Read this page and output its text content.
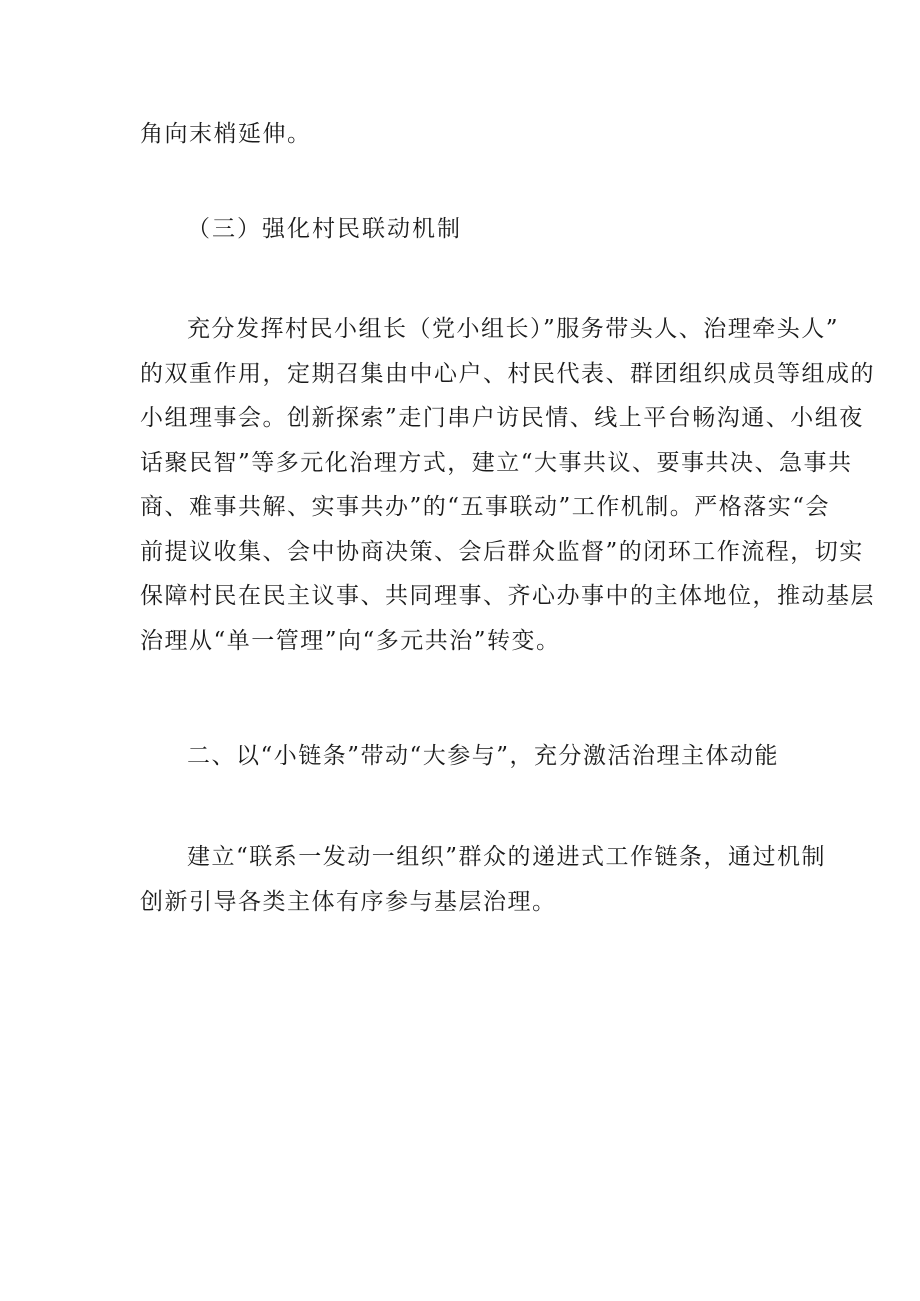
角向末梢延伸。

（三）强化村民联动机制

充分发挥村民小组长（党小组长）”服务带头人、治理牵头人”
的双重作用，定期召集由中心户、村民代表、群团组织成员等组成的
小组理事会。创新探索”走门串户访民情、线上平台畅沟通、小组夜
话聚民智”等多元化治理方式，建立“大事共议、要事共决、急事共
商、难事共解、实事共办”的“五事联动”工作机制。严格落实“会
前提议收集、会中协商决策、会后群众监督”的闭环工作流程，切实
保障村民在民主议事、共同理事、齐心办事中的主体地位，推动基层
治理从“单一管理”向“多元共治”转变。

二、以“小链条”带动“大参与”，充分激活治理主体动能

建立“联系一发动一组织”群众的递进式工作链条，通过机制
创新引导各类主体有序参与基层治理。
